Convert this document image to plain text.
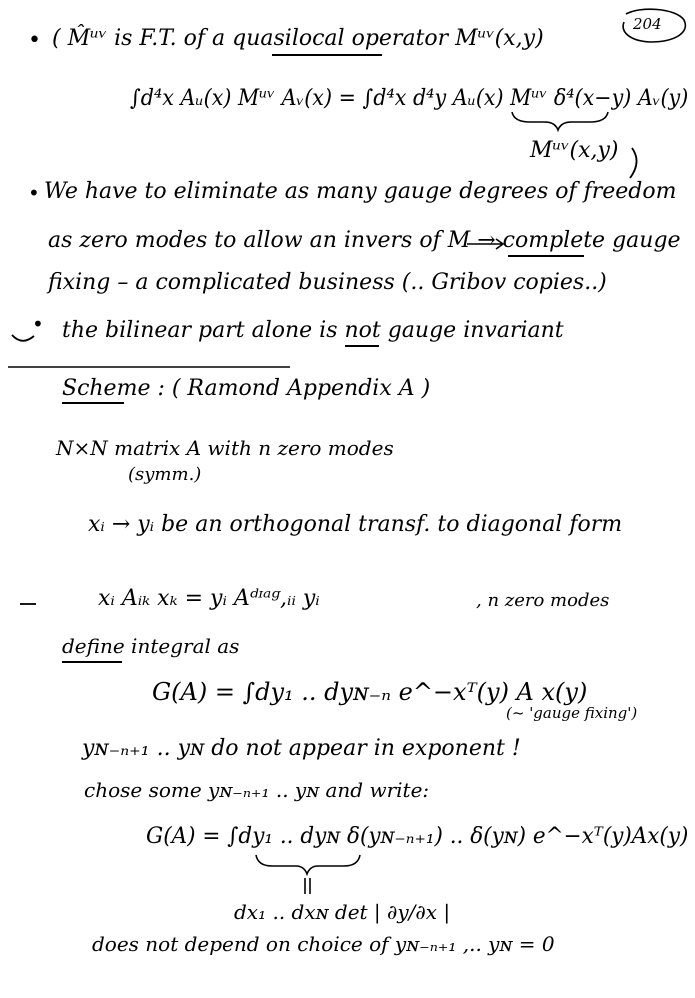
204
• ( M̂ᵘᵛ is F.T. of a quasilocal operator Mᵘᵛ(x,y)
∫d⁴x Aᵤ(x) Mᵘᵛ Aᵥ(x) = ∫d⁴x d⁴y Aᵤ(x) Mᵘᵛ δ⁴(x−y) Aᵥ(y)
Mᵘᵛ(x,y)
• We have to eliminate as many gauge degrees of freedom
as zero modes to allow an invers of M → complete gauge
fixing – a complicated business (.. Gribov copies..)
• the bilinear part alone is not gauge invariant
Scheme : ( Ramond Appendix A )
N×N matrix A with n zero modes
(symm.)
xᵢ → yᵢ be an orthogonal transf. to diagonal form
xᵢ Aᵢₖ xₖ = yᵢ Aᵈᶦᵃᵍ,ᵢᵢ yᵢ	, n zero modes
define integral as
G(A) = ∫dy₁ .. dyɴ₋ₙ e^−xᵀ(y) A x(y)
(~ 'gauge fixing')
yɴ₋ₙ₊₁ .. yɴ do not appear in exponent !
chose some yɴ₋ₙ₊₁ .. yɴ and write:
G(A) = ∫dy₁ .. dyɴ δ(yɴ₋ₙ₊₁) .. δ(yɴ) e^−xᵀ(y)Ax(y)
dx₁ .. dxɴ det | ∂y/∂x |
does not depend on choice of yɴ₋ₙ₊₁ ,.. yɴ = 0
